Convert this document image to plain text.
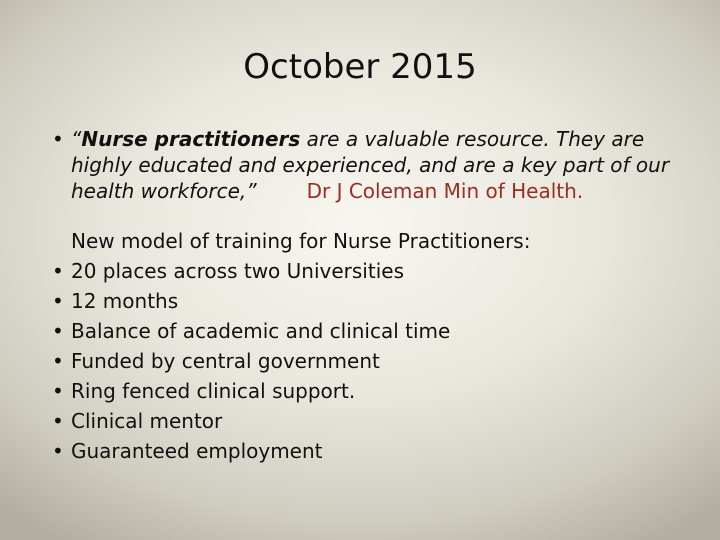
October 2015
• “Nurse practitioners are a valuable resource. They are highly educated and experienced, and are a key part of our health workforce,”	Dr J Coleman Min of Health.
New model of training for Nurse Practitioners:
• 20 places across two Universities
• 12 months
• Balance of academic and clinical time
• Funded by central government
• Ring fenced clinical support.
• Clinical mentor
• Guaranteed employment
